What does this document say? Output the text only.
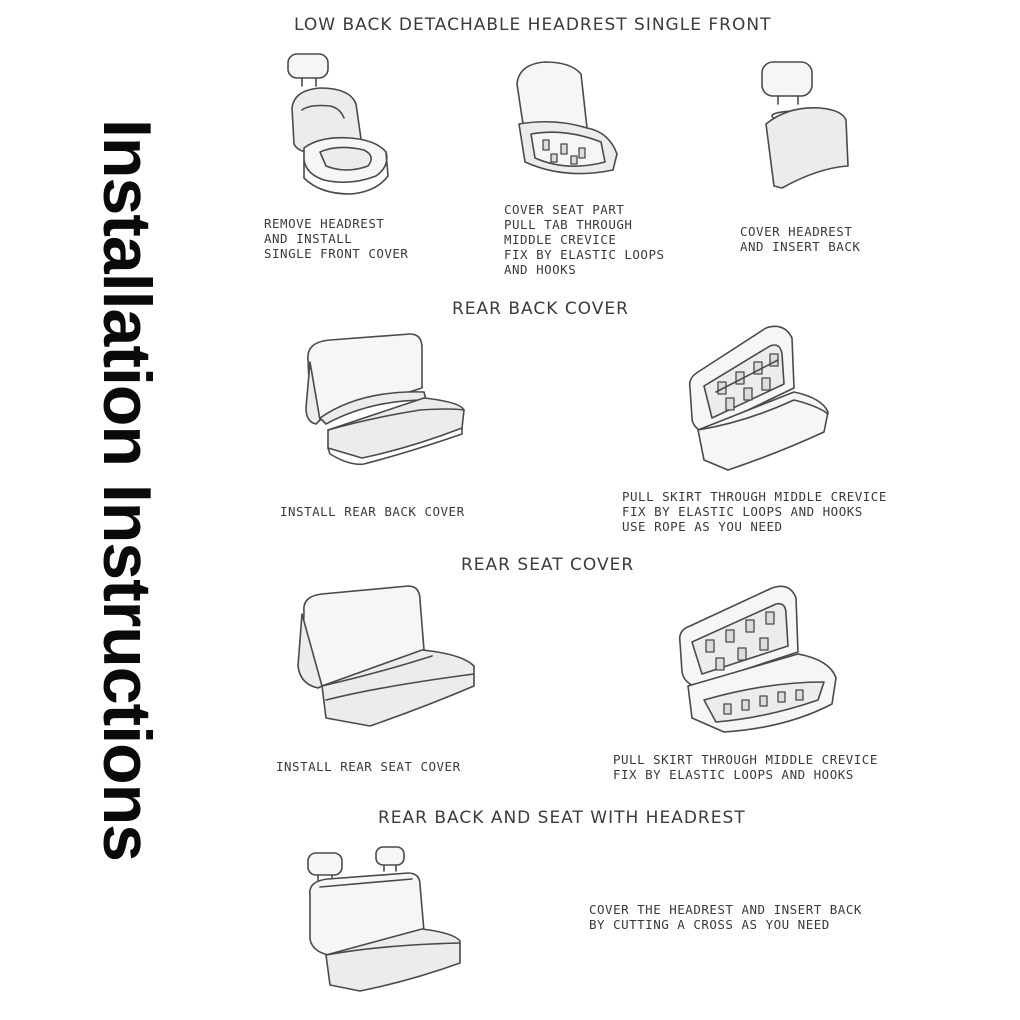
Installation Instructions
LOW BACK DETACHABLE HEADREST SINGLE FRONT
REAR BACK COVER
REAR SEAT COVER
REAR BACK AND SEAT WITH HEADREST
REMOVE HEADREST
AND INSTALL
SINGLE FRONT COVER
COVER SEAT PART
PULL TAB THROUGH
MIDDLE CREVICE
FIX BY ELASTIC LOOPS
AND HOOKS
COVER HEADREST
AND INSERT BACK
INSTALL REAR BACK COVER
PULL SKIRT THROUGH MIDDLE CREVICE
FIX BY ELASTIC LOOPS AND HOOKS
USE ROPE AS YOU NEED
INSTALL REAR SEAT COVER	PULL SKIRT THROUGH MIDDLE CREVICE
FIX BY ELASTIC LOOPS AND HOOKS
COVER THE HEADREST AND INSERT BACK
BY CUTTING A CROSS AS YOU NEED
